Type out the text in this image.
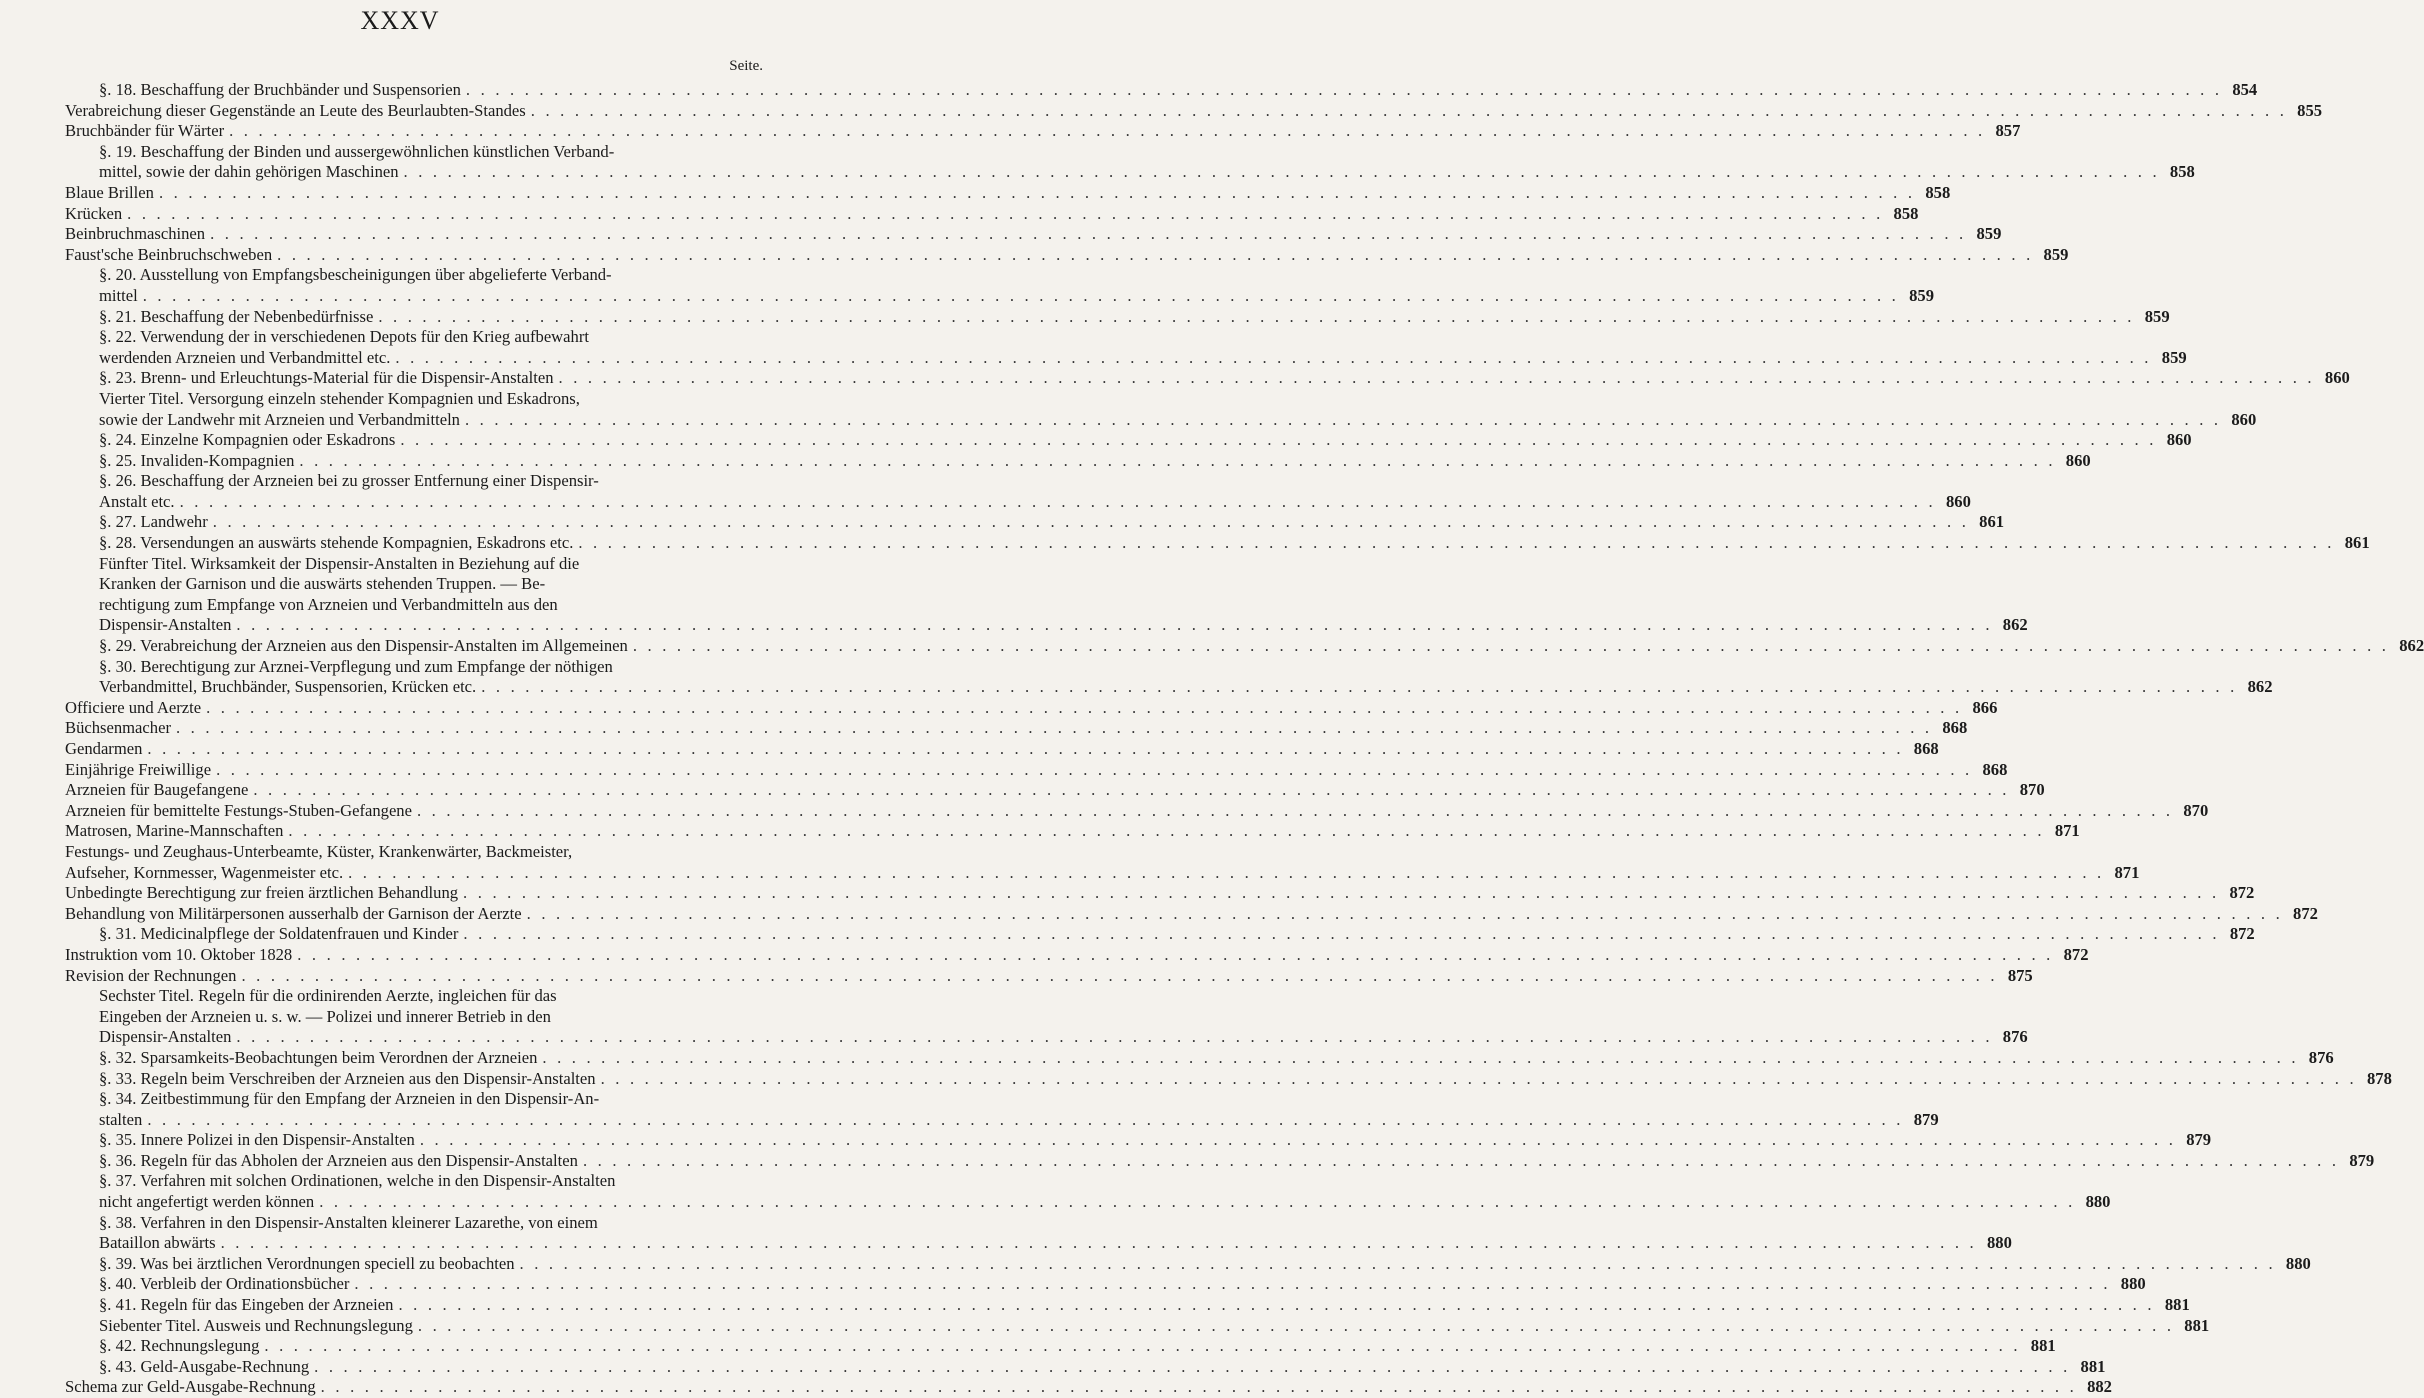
XXXV
Seite.
§. 18. Beschaffung der Bruchbänder und Suspensorien . . . . . . . . . . . . . . . . . . . . . . . . . . . . . . . . . . . . . . . . . . . . . . . . . . . . . . . . . . . . . . . . . . . . . . . . . . . . . . . . . . . . . . . . . . . . . . . . . . . . . . . . . . . . . . . . . . . . . . . . 854
Verabreichung dieser Gegenstände an Leute des Beurlaubten-Standes . . . . . . . . . . . . . . . . . . . . . . . . . . . . . . . . . . . . . . . . . . . . . . . . . . . . . . . . . . . . . . . . . . . . . . . . . . . . . . . . . . . . . . . . . . . . . . . . . . . . . . . . . . . . . . . . . . . . . . . . 855
Bruchbänder für Wärter . . . . . . . . . . . . . . . . . . . . . . . . . . . . . . . . . . . . . . . . . . . . . . . . . . . . . . . . . . . . . . . . . . . . . . . . . . . . . . . . . . . . . . . . . . . . . . . . . . . . . . . . . . . . . . . . . . . . . . . . 857
§. 19. Beschaffung der Binden und aussergewöhnlichen künstlichen Verband-
mittel, sowie der dahin gehörigen Maschinen . . . . . . . . . . . . . . . . . . . . . . . . . . . . . . . . . . . . . . . . . . . . . . . . . . . . . . . . . . . . . . . . . . . . . . . . . . . . . . . . . . . . . . . . . . . . . . . . . . . . . . . . . . . . . . . . . . . . . . . . 858
Blaue Brillen . . . . . . . . . . . . . . . . . . . . . . . . . . . . . . . . . . . . . . . . . . . . . . . . . . . . . . . . . . . . . . . . . . . . . . . . . . . . . . . . . . . . . . . . . . . . . . . . . . . . . . . . . . . . . . . . . . . . . . . . 858
Krücken . . . . . . . . . . . . . . . . . . . . . . . . . . . . . . . . . . . . . . . . . . . . . . . . . . . . . . . . . . . . . . . . . . . . . . . . . . . . . . . . . . . . . . . . . . . . . . . . . . . . . . . . . . . . . . . . . . . . . . . . 858
Beinbruchmaschinen . . . . . . . . . . . . . . . . . . . . . . . . . . . . . . . . . . . . . . . . . . . . . . . . . . . . . . . . . . . . . . . . . . . . . . . . . . . . . . . . . . . . . . . . . . . . . . . . . . . . . . . . . . . . . . . . . . . . . . . . 859
Faust'sche Beinbruchschweben . . . . . . . . . . . . . . . . . . . . . . . . . . . . . . . . . . . . . . . . . . . . . . . . . . . . . . . . . . . . . . . . . . . . . . . . . . . . . . . . . . . . . . . . . . . . . . . . . . . . . . . . . . . . . . . . . . . . . . . . 859
§. 20. Ausstellung von Empfangsbescheinigungen über abgelieferte Verband-
mittel . . . . . . . . . . . . . . . . . . . . . . . . . . . . . . . . . . . . . . . . . . . . . . . . . . . . . . . . . . . . . . . . . . . . . . . . . . . . . . . . . . . . . . . . . . . . . . . . . . . . . . . . . . . . . . . . . . . . . . . . 859
§. 21. Beschaffung der Nebenbedürfnisse . . . . . . . . . . . . . . . . . . . . . . . . . . . . . . . . . . . . . . . . . . . . . . . . . . . . . . . . . . . . . . . . . . . . . . . . . . . . . . . . . . . . . . . . . . . . . . . . . . . . . . . . . . . . . . . . . . . . . . . . 859
§. 22. Verwendung der in verschiedenen Depots für den Krieg aufbewahrt
werdenden Arzneien und Verbandmittel etc. . . . . . . . . . . . . . . . . . . . . . . . . . . . . . . . . . . . . . . . . . . . . . . . . . . . . . . . . . . . . . . . . . . . . . . . . . . . . . . . . . . . . . . . . . . . . . . . . . . . . . . . . . . . . . . . . . . . . . . . . 859
§. 23. Brenn- und Erleuchtungs-Material für die Dispensir-Anstalten . . . . . . . . . . . . . . . . . . . . . . . . . . . . . . . . . . . . . . . . . . . . . . . . . . . . . . . . . . . . . . . . . . . . . . . . . . . . . . . . . . . . . . . . . . . . . . . . . . . . . . . . . . . . . . . . . . . . . . . . 860
Vierter Titel. Versorgung einzeln stehender Kompagnien und Eskadrons,
sowie der Landwehr mit Arzneien und Verbandmitteln . . . . . . . . . . . . . . . . . . . . . . . . . . . . . . . . . . . . . . . . . . . . . . . . . . . . . . . . . . . . . . . . . . . . . . . . . . . . . . . . . . . . . . . . . . . . . . . . . . . . . . . . . . . . . . . . . . . . . . . . 860
§. 24. Einzelne Kompagnien oder Eskadrons . . . . . . . . . . . . . . . . . . . . . . . . . . . . . . . . . . . . . . . . . . . . . . . . . . . . . . . . . . . . . . . . . . . . . . . . . . . . . . . . . . . . . . . . . . . . . . . . . . . . . . . . . . . . . . . . . . . . . . . . 860
§. 25. Invaliden-Kompagnien . . . . . . . . . . . . . . . . . . . . . . . . . . . . . . . . . . . . . . . . . . . . . . . . . . . . . . . . . . . . . . . . . . . . . . . . . . . . . . . . . . . . . . . . . . . . . . . . . . . . . . . . . . . . . . . . . . . . . . . . 860
§. 26. Beschaffung der Arzneien bei zu grosser Entfernung einer Dispensir-
Anstalt etc. . . . . . . . . . . . . . . . . . . . . . . . . . . . . . . . . . . . . . . . . . . . . . . . . . . . . . . . . . . . . . . . . . . . . . . . . . . . . . . . . . . . . . . . . . . . . . . . . . . . . . . . . . . . . . . . . . . . . . . . . 860
§. 27. Landwehr . . . . . . . . . . . . . . . . . . . . . . . . . . . . . . . . . . . . . . . . . . . . . . . . . . . . . . . . . . . . . . . . . . . . . . . . . . . . . . . . . . . . . . . . . . . . . . . . . . . . . . . . . . . . . . . . . . . . . . . . 861
§. 28. Versendungen an auswärts stehende Kompagnien, Eskadrons etc. . . . . . . . . . . . . . . . . . . . . . . . . . . . . . . . . . . . . . . . . . . . . . . . . . . . . . . . . . . . . . . . . . . . . . . . . . . . . . . . . . . . . . . . . . . . . . . . . . . . . . . . . . . . . . . . . . . . . . . . . 861
Fünfter Titel. Wirksamkeit der Dispensir-Anstalten in Beziehung auf die
Kranken der Garnison und die auswärts stehenden Truppen. — Be-
rechtigung zum Empfange von Arzneien und Verbandmitteln aus den
Dispensir-Anstalten . . . . . . . . . . . . . . . . . . . . . . . . . . . . . . . . . . . . . . . . . . . . . . . . . . . . . . . . . . . . . . . . . . . . . . . . . . . . . . . . . . . . . . . . . . . . . . . . . . . . . . . . . . . . . . . . . . . . . . . . 862
§. 29. Verabreichung der Arzneien aus den Dispensir-Anstalten im Allgemeinen . . . . . . . . . . . . . . . . . . . . . . . . . . . . . . . . . . . . . . . . . . . . . . . . . . . . . . . . . . . . . . . . . . . . . . . . . . . . . . . . . . . . . . . . . . . . . . . . . . . . . . . . . . . . . . . . . . . . . . . . 862
§. 30. Berechtigung zur Arznei-Verpflegung und zum Empfange der nöthigen
Verbandmittel, Bruchbänder, Suspensorien, Krücken etc. . . . . . . . . . . . . . . . . . . . . . . . . . . . . . . . . . . . . . . . . . . . . . . . . . . . . . . . . . . . . . . . . . . . . . . . . . . . . . . . . . . . . . . . . . . . . . . . . . . . . . . . . . . . . . . . . . . . . . . . . 862
Officiere und Aerzte . . . . . . . . . . . . . . . . . . . . . . . . . . . . . . . . . . . . . . . . . . . . . . . . . . . . . . . . . . . . . . . . . . . . . . . . . . . . . . . . . . . . . . . . . . . . . . . . . . . . . . . . . . . . . . . . . . . . . . . . 866
Büchsenmacher . . . . . . . . . . . . . . . . . . . . . . . . . . . . . . . . . . . . . . . . . . . . . . . . . . . . . . . . . . . . . . . . . . . . . . . . . . . . . . . . . . . . . . . . . . . . . . . . . . . . . . . . . . . . . . . . . . . . . . . . 868
Gendarmen . . . . . . . . . . . . . . . . . . . . . . . . . . . . . . . . . . . . . . . . . . . . . . . . . . . . . . . . . . . . . . . . . . . . . . . . . . . . . . . . . . . . . . . . . . . . . . . . . . . . . . . . . . . . . . . . . . . . . . . . 868
Einjährige Freiwillige . . . . . . . . . . . . . . . . . . . . . . . . . . . . . . . . . . . . . . . . . . . . . . . . . . . . . . . . . . . . . . . . . . . . . . . . . . . . . . . . . . . . . . . . . . . . . . . . . . . . . . . . . . . . . . . . . . . . . . . . 868
Arzneien für Baugefangene . . . . . . . . . . . . . . . . . . . . . . . . . . . . . . . . . . . . . . . . . . . . . . . . . . . . . . . . . . . . . . . . . . . . . . . . . . . . . . . . . . . . . . . . . . . . . . . . . . . . . . . . . . . . . . . . . . . . . . . . 870
Arzneien für bemittelte Festungs-Stuben-Gefangene . . . . . . . . . . . . . . . . . . . . . . . . . . . . . . . . . . . . . . . . . . . . . . . . . . . . . . . . . . . . . . . . . . . . . . . . . . . . . . . . . . . . . . . . . . . . . . . . . . . . . . . . . . . . . . . . . . . . . . . . 870
Matrosen, Marine-Mannschaften . . . . . . . . . . . . . . . . . . . . . . . . . . . . . . . . . . . . . . . . . . . . . . . . . . . . . . . . . . . . . . . . . . . . . . . . . . . . . . . . . . . . . . . . . . . . . . . . . . . . . . . . . . . . . . . . . . . . . . . . 871
Festungs- und Zeughaus-Unterbeamte, Küster, Krankenwärter, Backmeister,
Aufseher, Kornmesser, Wagenmeister etc. . . . . . . . . . . . . . . . . . . . . . . . . . . . . . . . . . . . . . . . . . . . . . . . . . . . . . . . . . . . . . . . . . . . . . . . . . . . . . . . . . . . . . . . . . . . . . . . . . . . . . . . . . . . . . . . . . . . . . . . . 871
Unbedingte Berechtigung zur freien ärztlichen Behandlung . . . . . . . . . . . . . . . . . . . . . . . . . . . . . . . . . . . . . . . . . . . . . . . . . . . . . . . . . . . . . . . . . . . . . . . . . . . . . . . . . . . . . . . . . . . . . . . . . . . . . . . . . . . . . . . . . . . . . . . . 872
Behandlung von Militärpersonen ausserhalb der Garnison der Aerzte . . . . . . . . . . . . . . . . . . . . . . . . . . . . . . . . . . . . . . . . . . . . . . . . . . . . . . . . . . . . . . . . . . . . . . . . . . . . . . . . . . . . . . . . . . . . . . . . . . . . . . . . . . . . . . . . . . . . . . . . 872
§. 31. Medicinalpflege der Soldatenfrauen und Kinder . . . . . . . . . . . . . . . . . . . . . . . . . . . . . . . . . . . . . . . . . . . . . . . . . . . . . . . . . . . . . . . . . . . . . . . . . . . . . . . . . . . . . . . . . . . . . . . . . . . . . . . . . . . . . . . . . . . . . . . . 872
Instruktion vom 10. Oktober 1828 . . . . . . . . . . . . . . . . . . . . . . . . . . . . . . . . . . . . . . . . . . . . . . . . . . . . . . . . . . . . . . . . . . . . . . . . . . . . . . . . . . . . . . . . . . . . . . . . . . . . . . . . . . . . . . . . . . . . . . . . 872
Revision der Rechnungen . . . . . . . . . . . . . . . . . . . . . . . . . . . . . . . . . . . . . . . . . . . . . . . . . . . . . . . . . . . . . . . . . . . . . . . . . . . . . . . . . . . . . . . . . . . . . . . . . . . . . . . . . . . . . . . . . . . . . . . . 875
Sechster Titel. Regeln für die ordinirenden Aerzte, ingleichen für das
Eingeben der Arzneien u. s. w. — Polizei und innerer Betrieb in den
Dispensir-Anstalten . . . . . . . . . . . . . . . . . . . . . . . . . . . . . . . . . . . . . . . . . . . . . . . . . . . . . . . . . . . . . . . . . . . . . . . . . . . . . . . . . . . . . . . . . . . . . . . . . . . . . . . . . . . . . . . . . . . . . . . . 876
§. 32. Sparsamkeits-Beobachtungen beim Verordnen der Arzneien . . . . . . . . . . . . . . . . . . . . . . . . . . . . . . . . . . . . . . . . . . . . . . . . . . . . . . . . . . . . . . . . . . . . . . . . . . . . . . . . . . . . . . . . . . . . . . . . . . . . . . . . . . . . . . . . . . . . . . . . 876
§. 33. Regeln beim Verschreiben der Arzneien aus den Dispensir-Anstalten . . . . . . . . . . . . . . . . . . . . . . . . . . . . . . . . . . . . . . . . . . . . . . . . . . . . . . . . . . . . . . . . . . . . . . . . . . . . . . . . . . . . . . . . . . . . . . . . . . . . . . . . . . . . . . . . . . . . . . . . 878
§. 34. Zeitbestimmung für den Empfang der Arzneien in den Dispensir-An-
stalten . . . . . . . . . . . . . . . . . . . . . . . . . . . . . . . . . . . . . . . . . . . . . . . . . . . . . . . . . . . . . . . . . . . . . . . . . . . . . . . . . . . . . . . . . . . . . . . . . . . . . . . . . . . . . . . . . . . . . . . . 879
§. 35. Innere Polizei in den Dispensir-Anstalten . . . . . . . . . . . . . . . . . . . . . . . . . . . . . . . . . . . . . . . . . . . . . . . . . . . . . . . . . . . . . . . . . . . . . . . . . . . . . . . . . . . . . . . . . . . . . . . . . . . . . . . . . . . . . . . . . . . . . . . . 879
§. 36. Regeln für das Abholen der Arzneien aus den Dispensir-Anstalten . . . . . . . . . . . . . . . . . . . . . . . . . . . . . . . . . . . . . . . . . . . . . . . . . . . . . . . . . . . . . . . . . . . . . . . . . . . . . . . . . . . . . . . . . . . . . . . . . . . . . . . . . . . . . . . . . . . . . . . . 879
§. 37. Verfahren mit solchen Ordinationen, welche in den Dispensir-Anstalten
nicht angefertigt werden können . . . . . . . . . . . . . . . . . . . . . . . . . . . . . . . . . . . . . . . . . . . . . . . . . . . . . . . . . . . . . . . . . . . . . . . . . . . . . . . . . . . . . . . . . . . . . . . . . . . . . . . . . . . . . . . . . . . . . . . . 880
§. 38. Verfahren in den Dispensir-Anstalten kleinerer Lazarethe, von einem
Bataillon abwärts . . . . . . . . . . . . . . . . . . . . . . . . . . . . . . . . . . . . . . . . . . . . . . . . . . . . . . . . . . . . . . . . . . . . . . . . . . . . . . . . . . . . . . . . . . . . . . . . . . . . . . . . . . . . . . . . . . . . . . . . 880
§. 39. Was bei ärztlichen Verordnungen speciell zu beobachten . . . . . . . . . . . . . . . . . . . . . . . . . . . . . . . . . . . . . . . . . . . . . . . . . . . . . . . . . . . . . . . . . . . . . . . . . . . . . . . . . . . . . . . . . . . . . . . . . . . . . . . . . . . . . . . . . . . . . . . . 880
§. 40. Verbleib der Ordinationsbücher . . . . . . . . . . . . . . . . . . . . . . . . . . . . . . . . . . . . . . . . . . . . . . . . . . . . . . . . . . . . . . . . . . . . . . . . . . . . . . . . . . . . . . . . . . . . . . . . . . . . . . . . . . . . . . . . . . . . . . . . 880
§. 41. Regeln für das Eingeben der Arzneien . . . . . . . . . . . . . . . . . . . . . . . . . . . . . . . . . . . . . . . . . . . . . . . . . . . . . . . . . . . . . . . . . . . . . . . . . . . . . . . . . . . . . . . . . . . . . . . . . . . . . . . . . . . . . . . . . . . . . . . . 881
Siebenter Titel. Ausweis und Rechnungslegung . . . . . . . . . . . . . . . . . . . . . . . . . . . . . . . . . . . . . . . . . . . . . . . . . . . . . . . . . . . . . . . . . . . . . . . . . . . . . . . . . . . . . . . . . . . . . . . . . . . . . . . . . . . . . . . . . . . . . . . . 881
§. 42. Rechnungslegung . . . . . . . . . . . . . . . . . . . . . . . . . . . . . . . . . . . . . . . . . . . . . . . . . . . . . . . . . . . . . . . . . . . . . . . . . . . . . . . . . . . . . . . . . . . . . . . . . . . . . . . . . . . . . . . . . . . . . . . . 881
§. 43. Geld-Ausgabe-Rechnung . . . . . . . . . . . . . . . . . . . . . . . . . . . . . . . . . . . . . . . . . . . . . . . . . . . . . . . . . . . . . . . . . . . . . . . . . . . . . . . . . . . . . . . . . . . . . . . . . . . . . . . . . . . . . . . . . . . . . . . . 881
Schema zur Geld-Ausgabe-Rechnung . . . . . . . . . . . . . . . . . . . . . . . . . . . . . . . . . . . . . . . . . . . . . . . . . . . . . . . . . . . . . . . . . . . . . . . . . . . . . . . . . . . . . . . . . . . . . . . . . . . . . . . . . . . . . . . . . . . . . . . . 882
